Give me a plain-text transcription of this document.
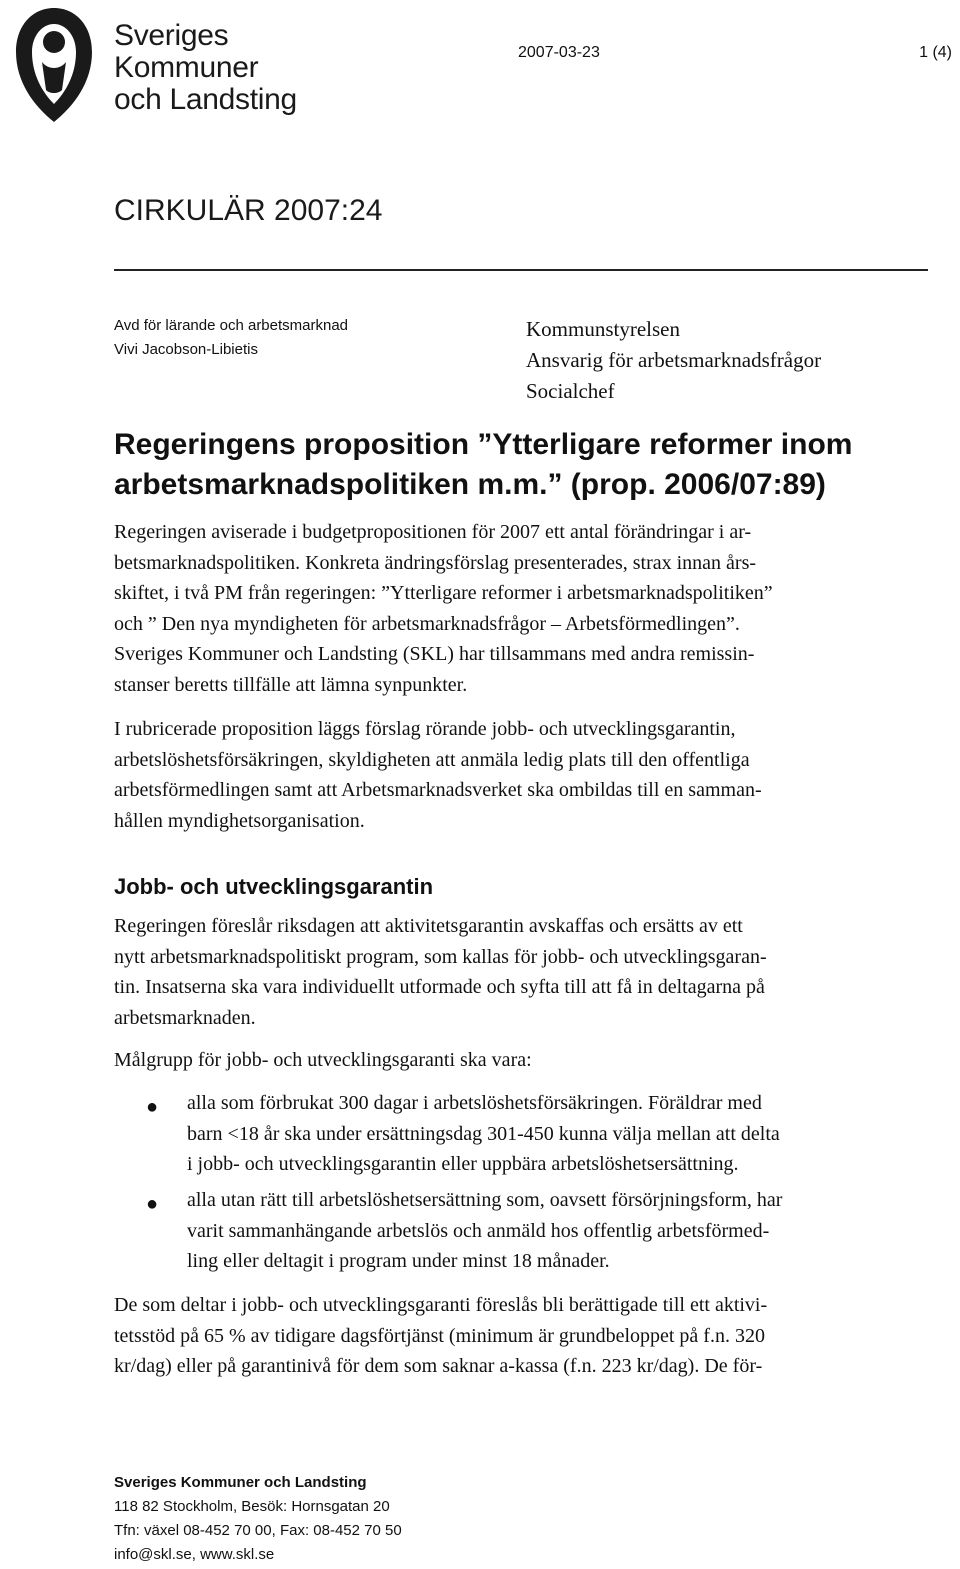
Sveriges
Kommuner
och Landsting
2007-03-23	1 (4)
CIRKULÄR 2007:24
Avd för lärande och arbetsmarknad
Vivi Jacobson-Libietis
Kommunstyrelsen
Ansvarig för arbetsmarknadsfrågor
Socialchef
Regeringens proposition ”Ytterligare reformer inom
arbetsmarknadspolitiken m.m.” (prop. 2006/07:89)
Regeringen aviserade i budgetpropositionen för 2007 ett antal förändringar i ar-
betsmarknadspolitiken. Konkreta ändringsförslag presenterades, strax innan års-
skiftet, i två PM från regeringen: ”Ytterligare reformer i arbetsmarknadspolitiken”
och ” Den nya myndigheten för arbetsmarknadsfrågor – Arbetsförmedlingen”.
Sveriges Kommuner och Landsting (SKL) har tillsammans med andra remissin-
stanser beretts tillfälle att lämna synpunkter.
I rubricerade proposition läggs förslag rörande jobb- och utvecklingsgarantin,
arbetslöshetsförsäkringen, skyldigheten att anmäla ledig plats till den offentliga
arbetsförmedlingen samt att Arbetsmarknadsverket ska ombildas till en samman-
hållen myndighetsorganisation.
Jobb- och utvecklingsgarantin
Regeringen föreslår riksdagen att aktivitetsgarantin avskaffas och ersätts av ett
nytt arbetsmarknadspolitiskt program, som kallas för jobb- och utvecklingsgaran-
tin. Insatserna ska vara individuellt utformade och syfta till att få in deltagarna på
arbetsmarknaden.
Målgrupp för jobb- och utvecklingsgaranti ska vara:
● alla som förbrukat 300 dagar i arbetslöshetsförsäkringen. Föräldrar med
barn <18 år ska under ersättningsdag 301-450 kunna välja mellan att delta
i jobb- och utvecklingsgarantin eller uppbära arbetslöshetsersättning.
● alla utan rätt till arbetslöshetsersättning som, oavsett försörjningsform, har
varit sammanhängande arbetslös och anmäld hos offentlig arbetsförmed-
ling eller deltagit i program under minst 18 månader.
De som deltar i jobb- och utvecklingsgaranti föreslås bli berättigade till ett aktivi-
tetsstöd på 65 % av tidigare dagsförtjänst (minimum är grundbeloppet på f.n. 320
kr/dag) eller på garantinivå för dem som saknar a-kassa (f.n. 223 kr/dag). De för-
Sveriges Kommuner och Landsting
118 82 Stockholm, Besök: Hornsgatan 20
Tfn: växel 08-452 70 00, Fax: 08-452 70 50
info@skl.se, www.skl.se
